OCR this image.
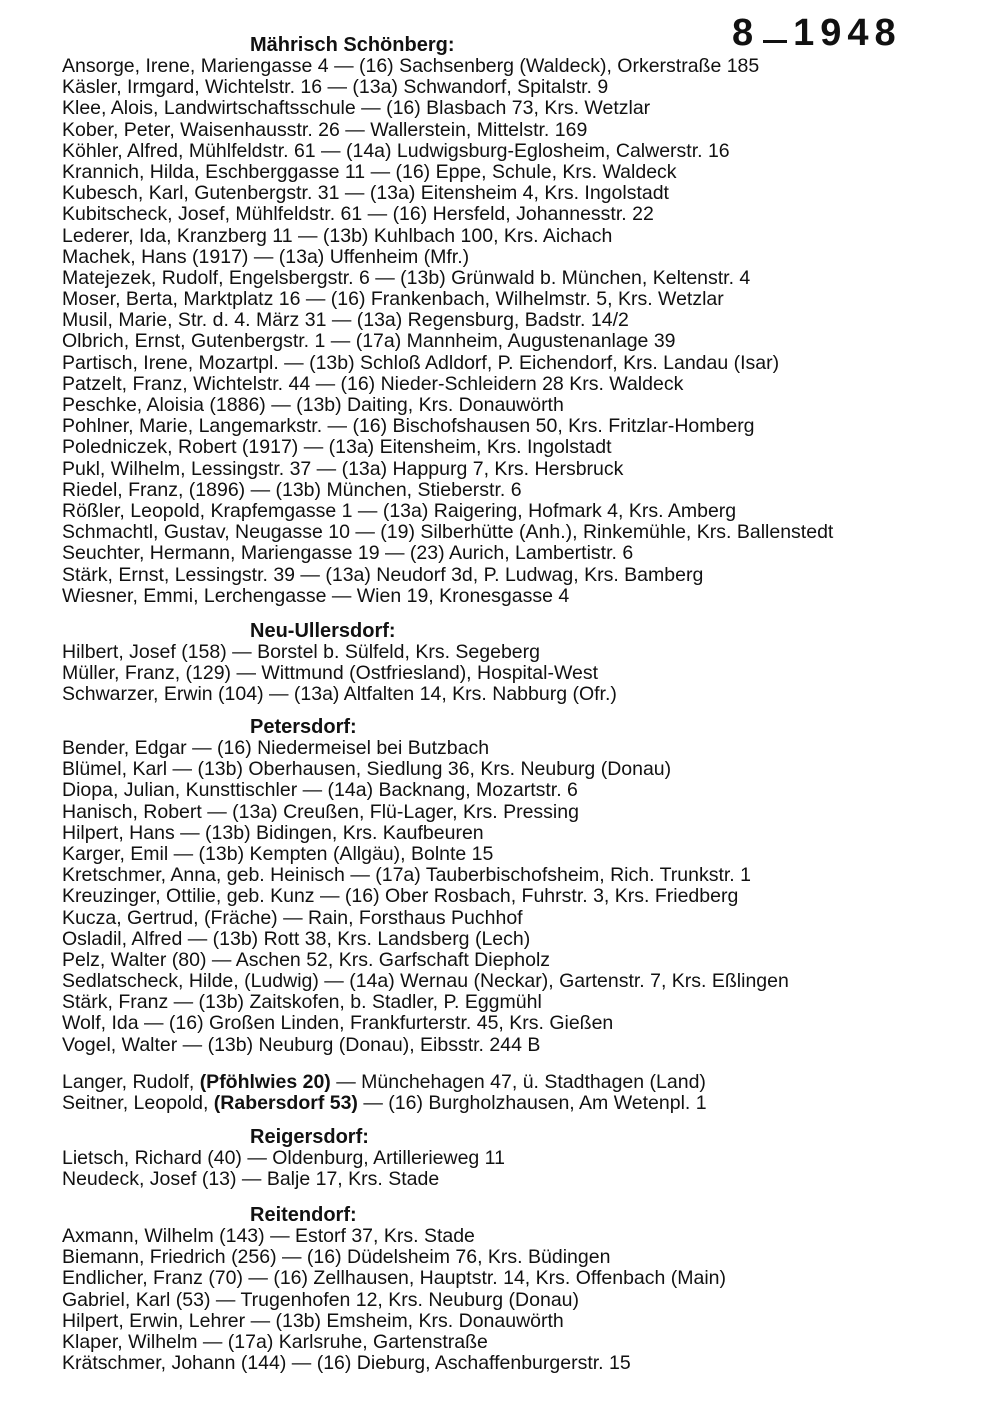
8 1948
Mährisch Schönberg:
Ansorge, Irene, Mariengasse 4 — (16) Sachsenberg (Waldeck), Orkerstraße 185
Käsler, Irmgard, Wichtelstr. 16 — (13a) Schwandorf, Spitalstr. 9
Klee, Alois, Landwirtschaftsschule — (16) Blasbach 73, Krs. Wetzlar
Kober, Peter, Waisenhausstr. 26 — Wallerstein, Mittelstr. 169
Köhler, Alfred, Mühlfeldstr. 61 — (14a) Ludwigsburg-Eglosheim, Calwerstr. 16
Krannich, Hilda, Eschberggasse 11 — (16) Eppe, Schule, Krs. Waldeck
Kubesch, Karl, Gutenbergstr. 31 — (13a) Eitensheim 4, Krs. Ingolstadt
Kubitscheck, Josef, Mühlfeldstr. 61 — (16) Hersfeld, Johannesstr. 22
Lederer, Ida, Kranzberg 11 — (13b) Kuhlbach 100, Krs. Aichach
Machek, Hans (1917) — (13a) Uffenheim (Mfr.)
Matejezek, Rudolf, Engelsbergstr. 6 — (13b) Grünwald b. München, Keltenstr. 4
Moser, Berta, Marktplatz 16 — (16) Frankenbach, Wilhelmstr. 5, Krs. Wetzlar
Musil, Marie, Str. d. 4. März 31 — (13a) Regensburg, Badstr. 14/2
Olbrich, Ernst, Gutenbergstr. 1 — (17a) Mannheim, Augustenanlage 39
Partisch, Irene, Mozartpl. — (13b) Schloß Adldorf, P. Eichendorf, Krs. Landau (Isar)
Patzelt, Franz, Wichtelstr. 44 — (16) Nieder-Schleidern 28 Krs. Waldeck
Peschke, Aloisia (1886) — (13b) Daiting, Krs. Donauwörth
Pohlner, Marie, Langemarkstr. — (16) Bischofshausen 50, Krs. Fritzlar-Homberg
Poledniczek, Robert (1917) — (13a) Eitensheim, Krs. Ingolstadt
Pukl, Wilhelm, Lessingstr. 37 — (13a) Happurg 7, Krs. Hersbruck
Riedel, Franz, (1896) — (13b) München, Stieberstr. 6
Rößler, Leopold, Krapfemgasse 1 — (13a) Raigering, Hofmark 4, Krs. Amberg
Schmachtl, Gustav, Neugasse 10 — (19) Silberhütte (Anh.), Rinkemühle, Krs. Ballenstedt
Seuchter, Hermann, Mariengasse 19 — (23) Aurich, Lambertistr. 6
Stärk, Ernst, Lessingstr. 39 — (13a) Neudorf 3d, P. Ludwag, Krs. Bamberg
Wiesner, Emmi, Lerchengasse — Wien 19, Kronesgasse 4
Neu-Ullersdorf:
Hilbert, Josef (158) — Borstel b. Sülfeld, Krs. Segeberg
Müller, Franz, (129) — Wittmund (Ostfriesland), Hospital-West
Schwarzer, Erwin (104) — (13a) Altfalten 14, Krs. Nabburg (Ofr.)
Petersdorf:
Bender, Edgar — (16) Niedermeisel bei Butzbach
Blümel, Karl — (13b) Oberhausen, Siedlung 36, Krs. Neuburg (Donau)
Diopa, Julian, Kunsttischler — (14a) Backnang, Mozartstr. 6
Hanisch, Robert — (13a) Creußen, Flü-Lager, Krs. Pressing
Hilpert, Hans — (13b) Bidingen, Krs. Kaufbeuren
Karger, Emil — (13b) Kempten (Allgäu), Bolnte 15
Kretschmer, Anna, geb. Heinisch — (17a) Tauberbischofsheim, Rich. Trunkstr. 1
Kreuzinger, Ottilie, geb. Kunz — (16) Ober Rosbach, Fuhrstr. 3, Krs. Friedberg
Kucza, Gertrud, (Fräche) — Rain, Forsthaus Puchhof
Osladil, Alfred — (13b) Rott 38, Krs. Landsberg (Lech)
Pelz, Walter (80) — Aschen 52, Krs. Garfschaft Diepholz
Sedlatscheck, Hilde, (Ludwig) — (14a) Wernau (Neckar), Gartenstr. 7, Krs. Eßlingen
Stärk, Franz — (13b) Zaitskofen, b. Stadler, P. Eggmühl
Wolf, Ida — (16) Großen Linden, Frankfurterstr. 45, Krs. Gießen
Vogel, Walter — (13b) Neuburg (Donau), Eibsstr. 244 B
Langer, Rudolf, (Pföhlwies 20) — Münchehagen 47, ü. Stadthagen (Land)
Seitner, Leopold, (Rabersdorf 53) — (16) Burgholzhausen, Am Wetenpl. 1
Reigersdorf:
Lietsch, Richard (40) — Oldenburg, Artillerieweg 11
Neudeck, Josef (13) — Balje 17, Krs. Stade
Reitendorf:
Axmann, Wilhelm (143) — Estorf 37, Krs. Stade
Biemann, Friedrich (256) — (16) Düdelsheim 76, Krs. Büdingen
Endlicher, Franz (70) — (16) Zellhausen, Hauptstr. 14, Krs. Offenbach (Main)
Gabriel, Karl (53) — Trugenhofen 12, Krs. Neuburg (Donau)
Hilpert, Erwin, Lehrer — (13b) Emsheim, Krs. Donauwörth
Klaper, Wilhelm — (17a) Karlsruhe, Gartenstraße
Krätschmer, Johann (144) — (16) Dieburg, Aschaffenburgerstr. 15
